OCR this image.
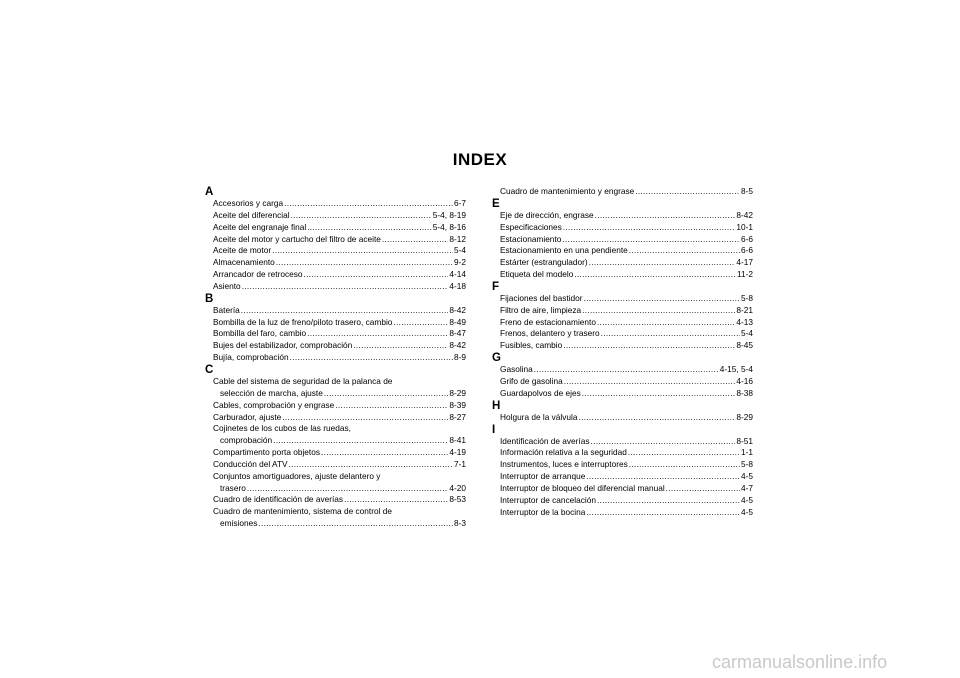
INDEX
A
Accesorios y carga .....	6-7
Aceite del diferencial .....	5-4, 8-19
Aceite del engranaje final .....	5-4, 8-16
Aceite del motor y cartucho del filtro de aceite .....	8-12
Aceite de motor .....	5-4
Almacenamiento .....	9-2
Arrancador de retroceso .....	4-14
Asiento .....	4-18
B
Batería .....	8-42
Bombilla de la luz de freno/piloto trasero, cambio .....	8-49
Bombilla del faro, cambio .....	8-47
Bujes del estabilizador, comprobación .....	8-42
Bujía, comprobación .....	8-9
C
Cable del sistema de seguridad de la palanca de
selección de marcha, ajuste .....	8-29
Cables, comprobación y engrase .....	8-39
Carburador, ajuste .....	8-27
Cojinetes de los cubos de las ruedas,
comprobación .....	8-41
Compartimento porta objetos .....	4-19
Conducción del ATV .....	7-1
Conjuntos amortiguadores, ajuste delantero y
trasero .....	4-20
Cuadro de identificación de averías .....	8-53
Cuadro de mantenimiento, sistema de control de
emisiones .....	8-3
Cuadro de mantenimiento y engrase .....	8-5
E
Eje de dirección, engrase .....	8-42
Especificaciones .....	10-1
Estacionamiento .....	6-6
Estacionamiento en una pendiente .....	6-6
Estárter (estrangulador) .....	4-17
Etiqueta del modelo .....	11-2
F
Fijaciones del bastidor .....	5-8
Filtro de aire, limpieza .....	8-21
Freno de estacionamiento .....	4-13
Frenos, delantero y trasero .....	5-4
Fusibles, cambio .....	8-45
G
Gasolina .....	4-15, 5-4
Grifo de gasolina .....	4-16
Guardapolvos de ejes .....	8-38
H
Holgura de la válvula .....	8-29
I
Identificación de averías .....	8-51
Información relativa a la seguridad .....	1-1
Instrumentos, luces e interruptores .....	5-8
Interruptor de arranque .....	4-5
Interruptor de bloqueo del diferencial manual .....	4-7
Interruptor de cancelación .....	4-5
Interruptor de la bocina .....	4-5
carmanualsonline.info
